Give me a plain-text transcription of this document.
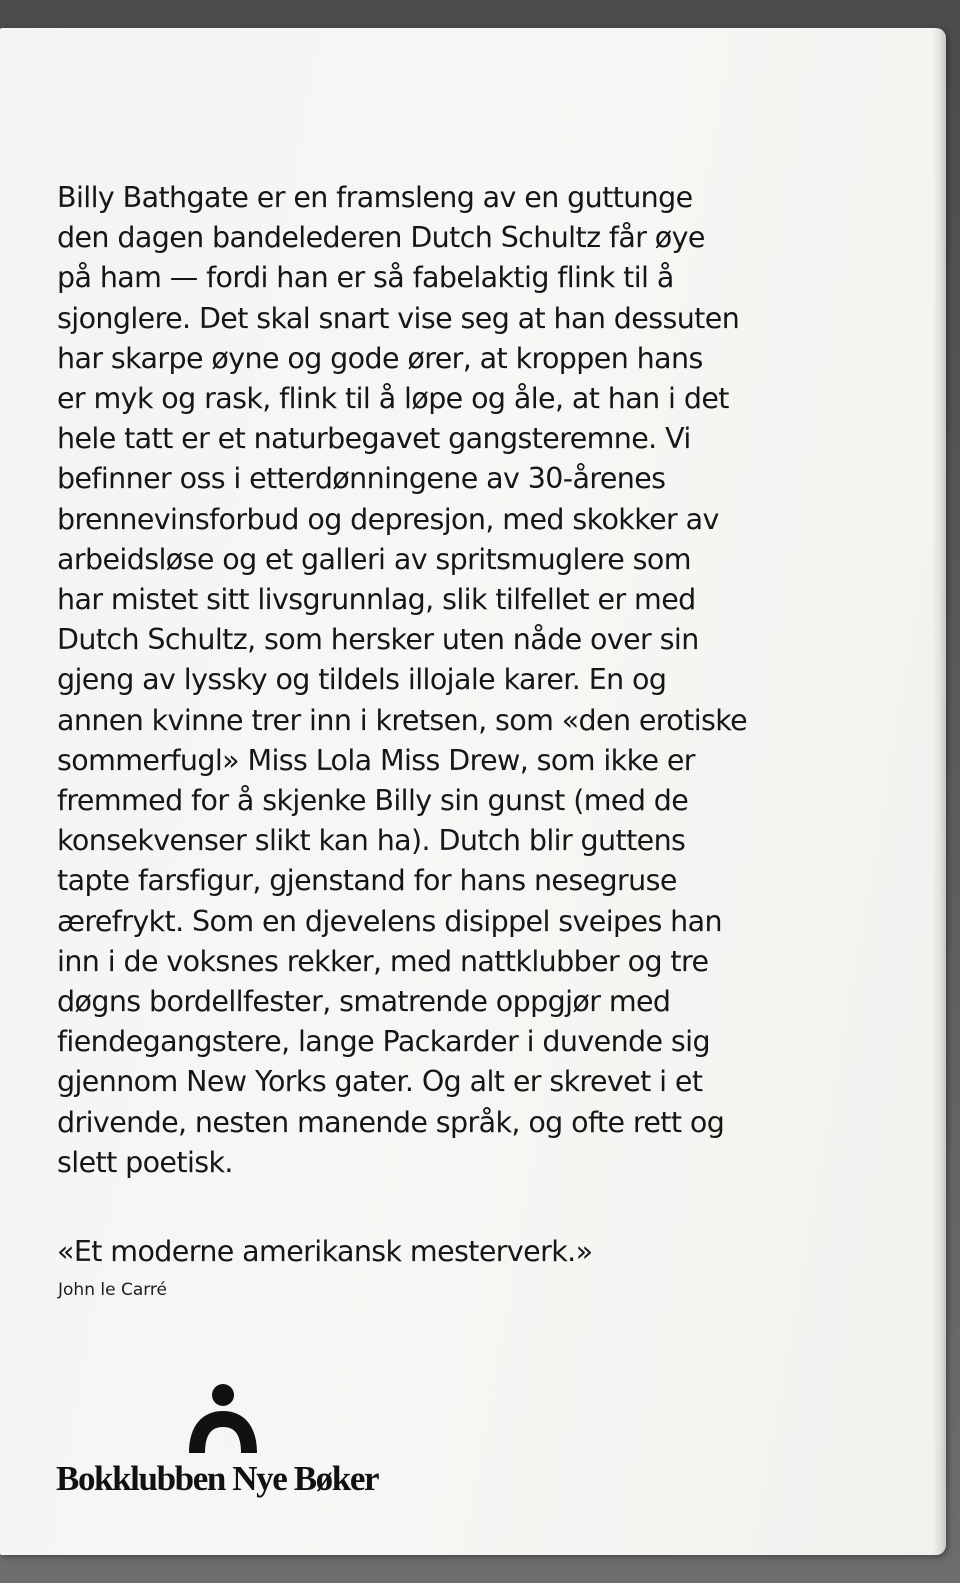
Billy Bathgate er en framsleng av en guttunge
den dagen bandelederen Dutch Schultz får øye
på ham — fordi han er så fabelaktig flink til å
sjonglere. Det skal snart vise seg at han dessuten
har skarpe øyne og gode ører, at kroppen hans
er myk og rask, flink til å løpe og åle, at han i det
hele tatt er et naturbegavet gangsteremne. Vi
befinner oss i etterdønningene av 30-årenes
brennevinsforbud og depresjon, med skokker av
arbeidsløse og et galleri av spritsmuglere som
har mistet sitt livsgrunnlag, slik tilfellet er med
Dutch Schultz, som hersker uten nåde over sin
gjeng av lyssky og tildels illojale karer. En og
annen kvinne trer inn i kretsen, som «den erotiske
sommerfugl» Miss Lola Miss Drew, som ikke er
fremmed for å skjenke Billy sin gunst (med de
konsekvenser slikt kan ha). Dutch blir guttens
tapte farsfigur, gjenstand for hans nesegruse
ærefrykt. Som en djevelens disippel sveipes han
inn i de voksnes rekker, med nattklubber og tre
døgns bordellfester, smatrende oppgjør med
fiendegangstere, lange Packarder i duvende sig
gjennom New Yorks gater. Og alt er skrevet i et
drivende, nesten manende språk, og ofte rett og
slett poetisk.

«Et moderne amerikansk mesterverk.»

John le Carré

Bokklubben Nye Bøker
